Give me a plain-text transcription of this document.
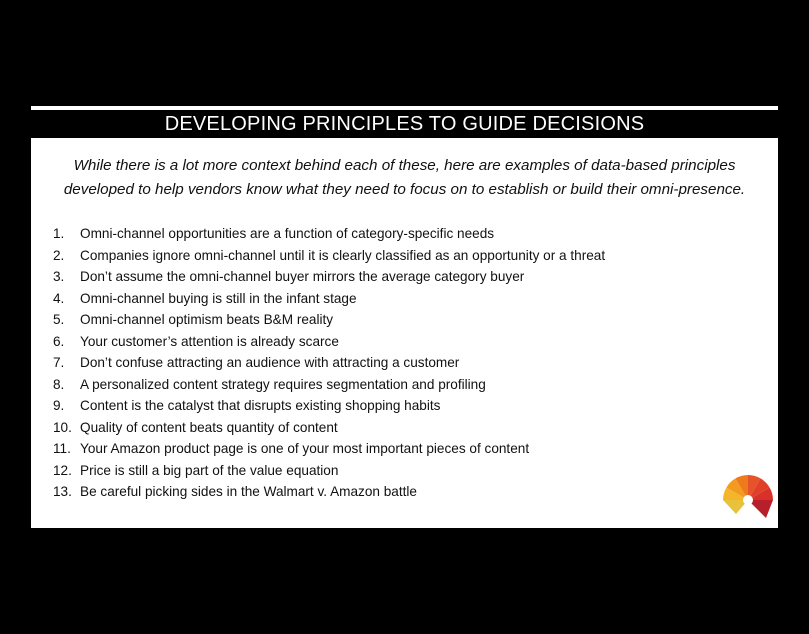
DEVELOPING PRINCIPLES TO GUIDE DECISIONS
While there is a lot more context behind each of these, here are examples of data-based principles developed to help vendors know what they need to focus on to establish or build their omni-presence.
1. Omni-channel opportunities are a function of category-specific needs
2. Companies ignore omni-channel until it is clearly classified as an opportunity or a threat
3. Don’t assume the omni-channel buyer mirrors the average category buyer
4. Omni-channel buying is still in the infant stage
5. Omni-channel optimism beats B&M reality
6. Your customer’s attention is already scarce
7. Don’t confuse attracting an audience with attracting a customer
8. A personalized content strategy requires segmentation and profiling
9. Content is the catalyst that disrupts existing shopping habits
10. Quality of content beats quantity of content
11. Your Amazon product page is one of your most important pieces of content
12. Price is still a big part of the value equation
13. Be careful picking sides in the Walmart v. Amazon battle
